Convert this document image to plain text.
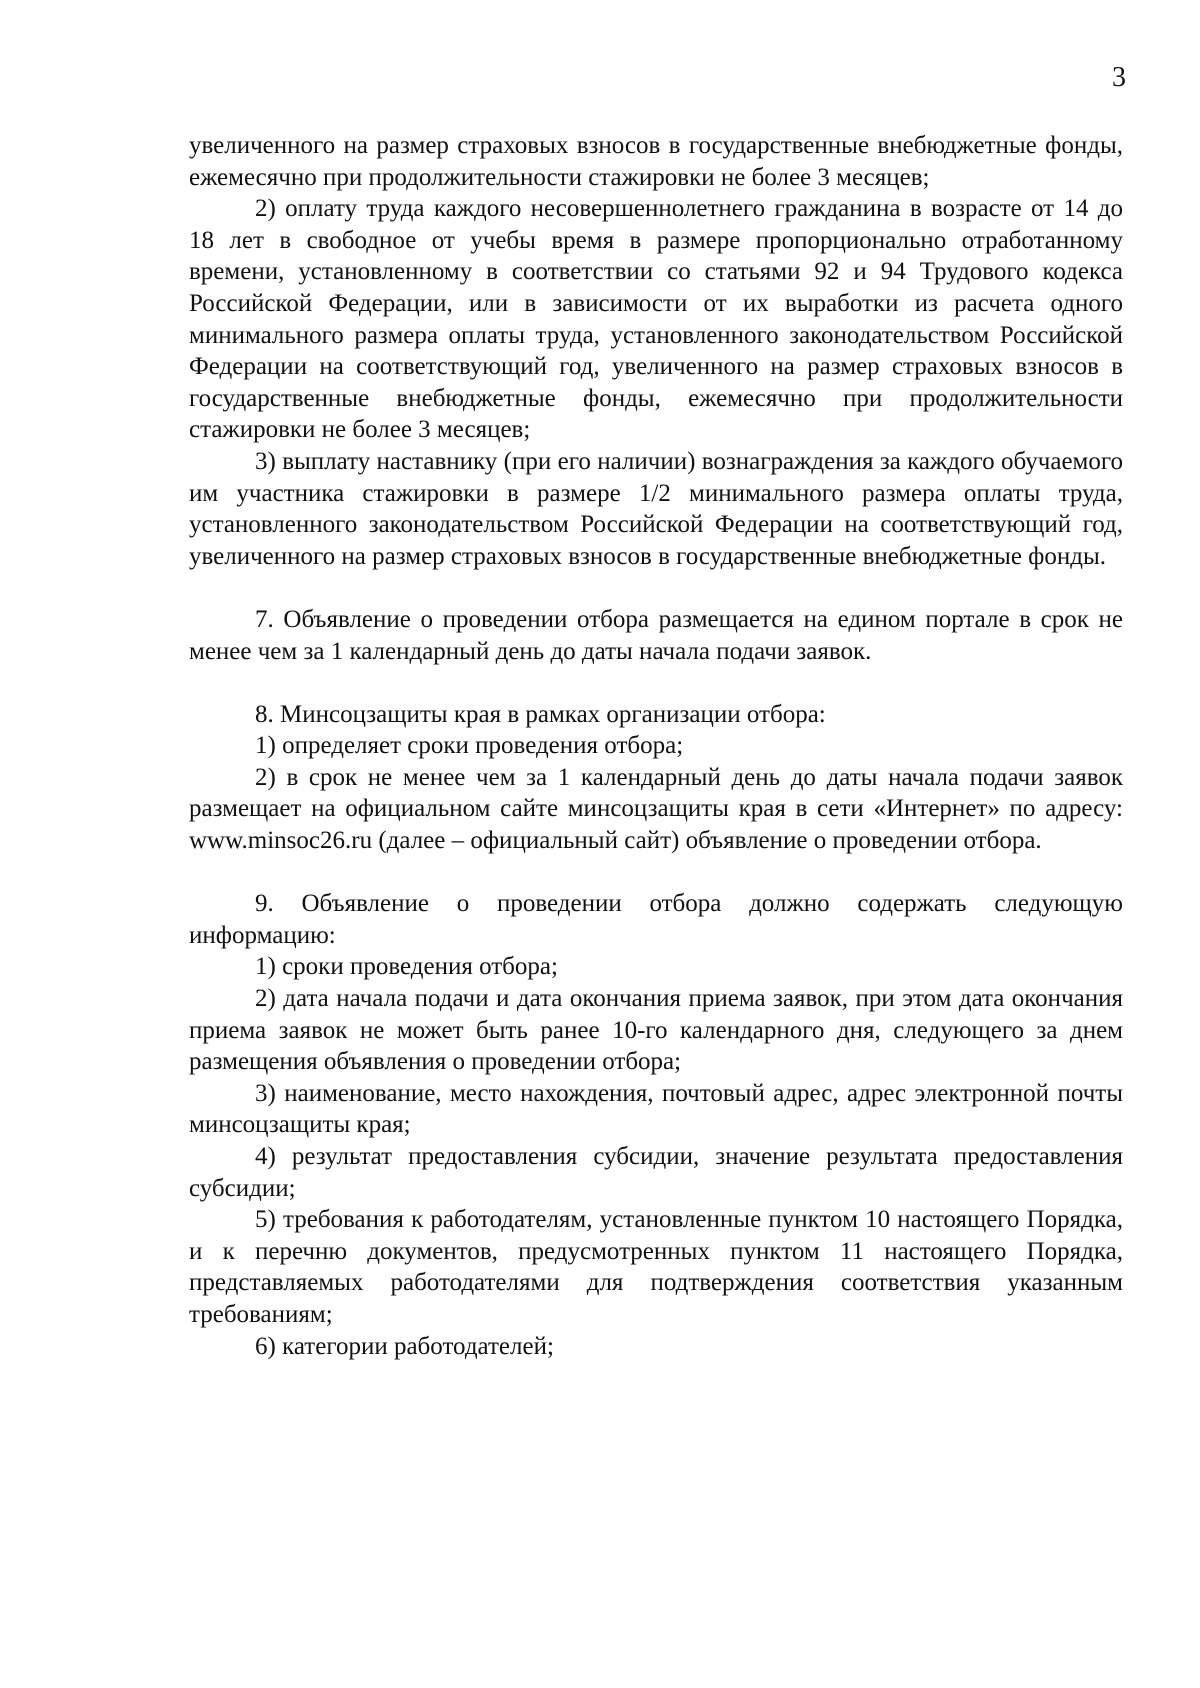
3

увеличенного на размер страховых взносов в государственные внебюджетные фонды, ежемесячно при продолжительности стажировки не более 3 месяцев;

2) оплату труда каждого несовершеннолетнего гражданина в возрасте от 14 до 18 лет в свободное от учебы время в размере пропорционально отработанному времени, установленному в соответствии со статьями 92 и 94 Трудового кодекса Российской Федерации, или в зависимости от их выработки из расчета одного минимального размера оплаты труда, установленного законодательством Российской Федерации на соответствующий год, увеличенного на размер страховых взносов в государственные внебюджетные фонды, ежемесячно при продолжительности стажировки не более 3 месяцев;

3) выплату наставнику (при его наличии) вознаграждения за каждого обучаемого им участника стажировки в размере 1/2 минимального размера оплаты труда, установленного законодательством Российской Федерации на соответствующий год, увеличенного на размер страховых взносов в государственные внебюджетные фонды.

7. Объявление о проведении отбора размещается на едином портале в срок не менее чем за 1 календарный день до даты начала подачи заявок.

8. Минсоцзащиты края в рамках организации отбора:

1) определяет сроки проведения отбора;

2) в срок не менее чем за 1 календарный день до даты начала подачи заявок размещает на официальном сайте минсоцзащиты края в сети «Интернет» по адресу: www.minsoc26.ru (далее – официальный сайт) объявление о проведении отбора.

9. Объявление о проведении отбора должно содержать следующую информацию:

1) сроки проведения отбора;

2) дата начала подачи и дата окончания приема заявок, при этом дата окончания приема заявок не может быть ранее 10-го календарного дня, следующего за днем размещения объявления о проведении отбора;

3) наименование, место нахождения, почтовый адрес, адрес электронной почты минсоцзащиты края;

4) результат предоставления субсидии, значение результата предоставления субсидии;

5) требования к работодателям, установленные пунктом 10 настоящего Порядка, и к перечню документов, предусмотренных пунктом 11 настоящего Порядка, представляемых работодателями для подтверждения соответствия указанным требованиям;

6) категории работодателей;
